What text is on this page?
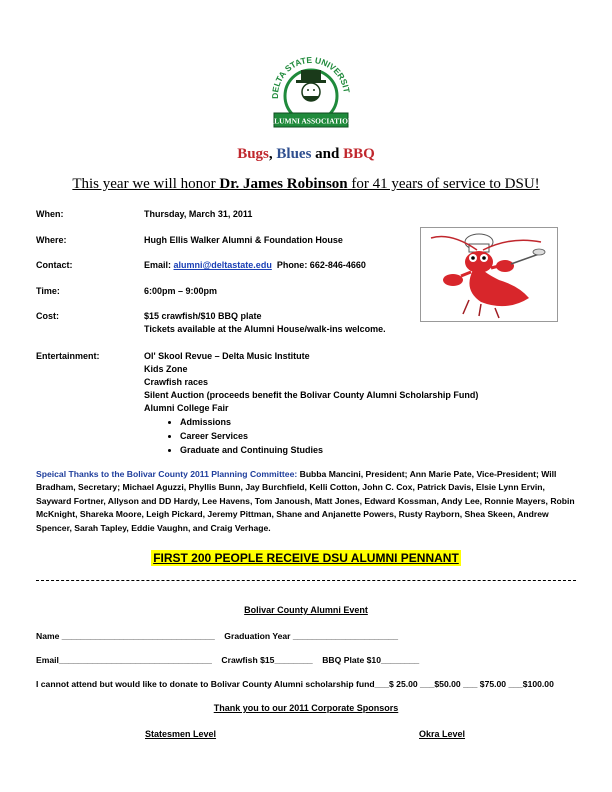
DELTA STATE UNIVERSIT
ALUMNI ASSOCIATION
Bugs, Blues and BBQ
This year we will honor Dr. James Robinson for 41 years of service to DSU!
When:	Thursday, March 31, 2011
Where:	Hugh Ellis Walker Alumni & Foundation House
Contact:	Email: alumni@deltastate.edu  Phone: 662-846-4660
Time:	6:00pm – 9:00pm
Cost:	$15 crawfish/$10 BBQ plate
Tickets available at the Alumni House/walk-ins welcome.
Entertainment:	Ol' Skool Revue – Delta Music Institute
Kids Zone
Crawfish races
Silent Auction (proceeds benefit the Bolivar County Alumni Scholarship Fund)
Alumni College Fair
• Admissions
• Career Services
• Graduate and Continuing Studies
Speical Thanks to the Bolivar County 2011 Planning Committee: Bubba Mancini, President; Ann Marie Pate, Vice-President; Will Bradham, Secretary; Michael Aguzzi, Phyllis Bunn, Jay Burchfield, Kelli Cotton, John C. Cox, Patrick Davis, Elsie Lynn Ervin, Sayward Fortner, Allyson and DD Hardy, Lee Havens, Tom Janoush, Matt Jones, Edward Kossman, Andy Lee, Ronnie Mayers, Robin McKnight, Shareka Moore, Leigh Pickard, Jeremy Pittman, Shane and Anjanette Powers, Rusty Rayborn, Shea Skeen, Andrew Spencer, Sarah Tapley, Eddie Vaughn, and Craig Verhage.
FIRST 200 PEOPLE RECEIVE DSU ALUMNI PENNANT
Bolivar County Alumni Event
Name ________________________________    Graduation Year ______________________
Email________________________________    Crawfish $15________    BBQ Plate $10________
I cannot attend but would like to donate to Bolivar County Alumni scholarship fund___$ 25.00 ___$50.00 ___ $75.00 ___$100.00
Thank you to our 2011 Corporate Sponsors
Statesmen Level	Okra Level
